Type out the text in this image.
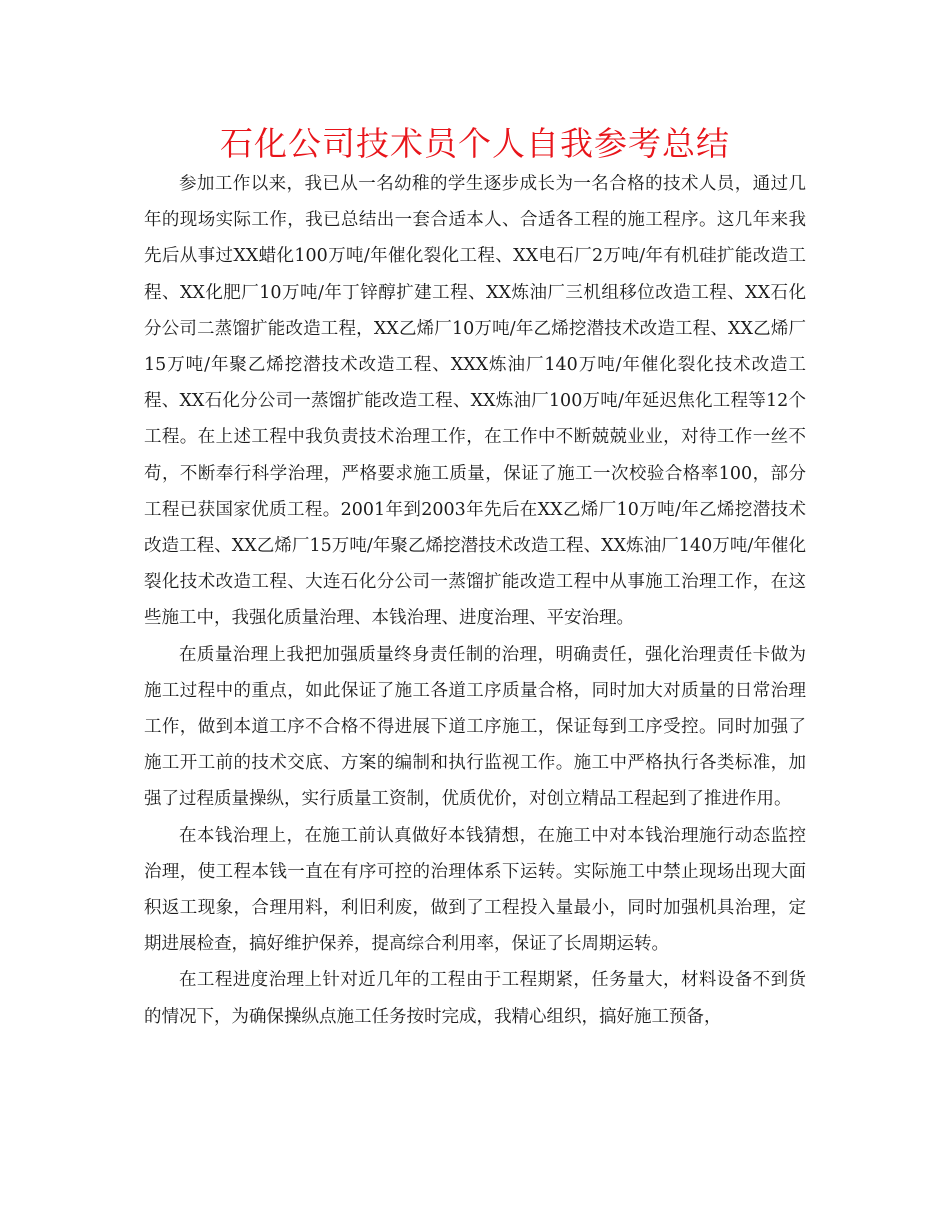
石化公司技术员个人自我参考总结

参加工作以来，我已从一名幼稚的学生逐步成长为一名合格的技术人员，通过几年的现场实际工作，我已总结出一套合适本人、合适各工程的施工程序。这几年来我先后从事过XX蜡化100万吨/年催化裂化工程、XX电石厂2万吨/年有机硅扩能改造工程、XX化肥厂10万吨/年丁锌醇扩建工程、XX炼油厂三机组移位改造工程、XX石化分公司二蒸馏扩能改造工程，XX乙烯厂10万吨/年乙烯挖潜技术改造工程、XX乙烯厂15万吨/年聚乙烯挖潜技术改造工程、XXX炼油厂140万吨/年催化裂化技术改造工程、XX石化分公司一蒸馏扩能改造工程、XX炼油厂100万吨/年延迟焦化工程等12个工程。在上述工程中我负责技术治理工作，在工作中不断兢兢业业，对待工作一丝不苟，不断奉行科学治理，严格要求施工质量，保证了施工一次校验合格率100，部分工程已获国家优质工程。2001年到2003年先后在XX乙烯厂10万吨/年乙烯挖潜技术改造工程、XX乙烯厂15万吨/年聚乙烯挖潜技术改造工程、XX炼油厂140万吨/年催化裂化技术改造工程、大连石化分公司一蒸馏扩能改造工程中从事施工治理工作，在这些施工中，我强化质量治理、本钱治理、进度治理、平安治理。

在质量治理上我把加强质量终身责任制的治理，明确责任，强化治理责任卡做为施工过程中的重点，如此保证了施工各道工序质量合格，同时加大对质量的日常治理工作，做到本道工序不合格不得进展下道工序施工，保证每到工序受控。同时加强了施工开工前的技术交底、方案的编制和执行监视工作。施工中严格执行各类标准，加强了过程质量操纵，实行质量工资制，优质优价，对创立精品工程起到了推进作用。

在本钱治理上，在施工前认真做好本钱猜想，在施工中对本钱治理施行动态监控治理，使工程本钱一直在有序可控的治理体系下运转。实际施工中禁止现场出现大面积返工现象，合理用料，利旧利废，做到了工程投入量最小，同时加强机具治理，定期进展检查，搞好维护保养，提高综合利用率，保证了长周期运转。

在工程进度治理上针对近几年的工程由于工程期紧，任务量大，材料设备不到货的情况下，为确保操纵点施工任务按时完成，我精心组织，搞好施工预备，
